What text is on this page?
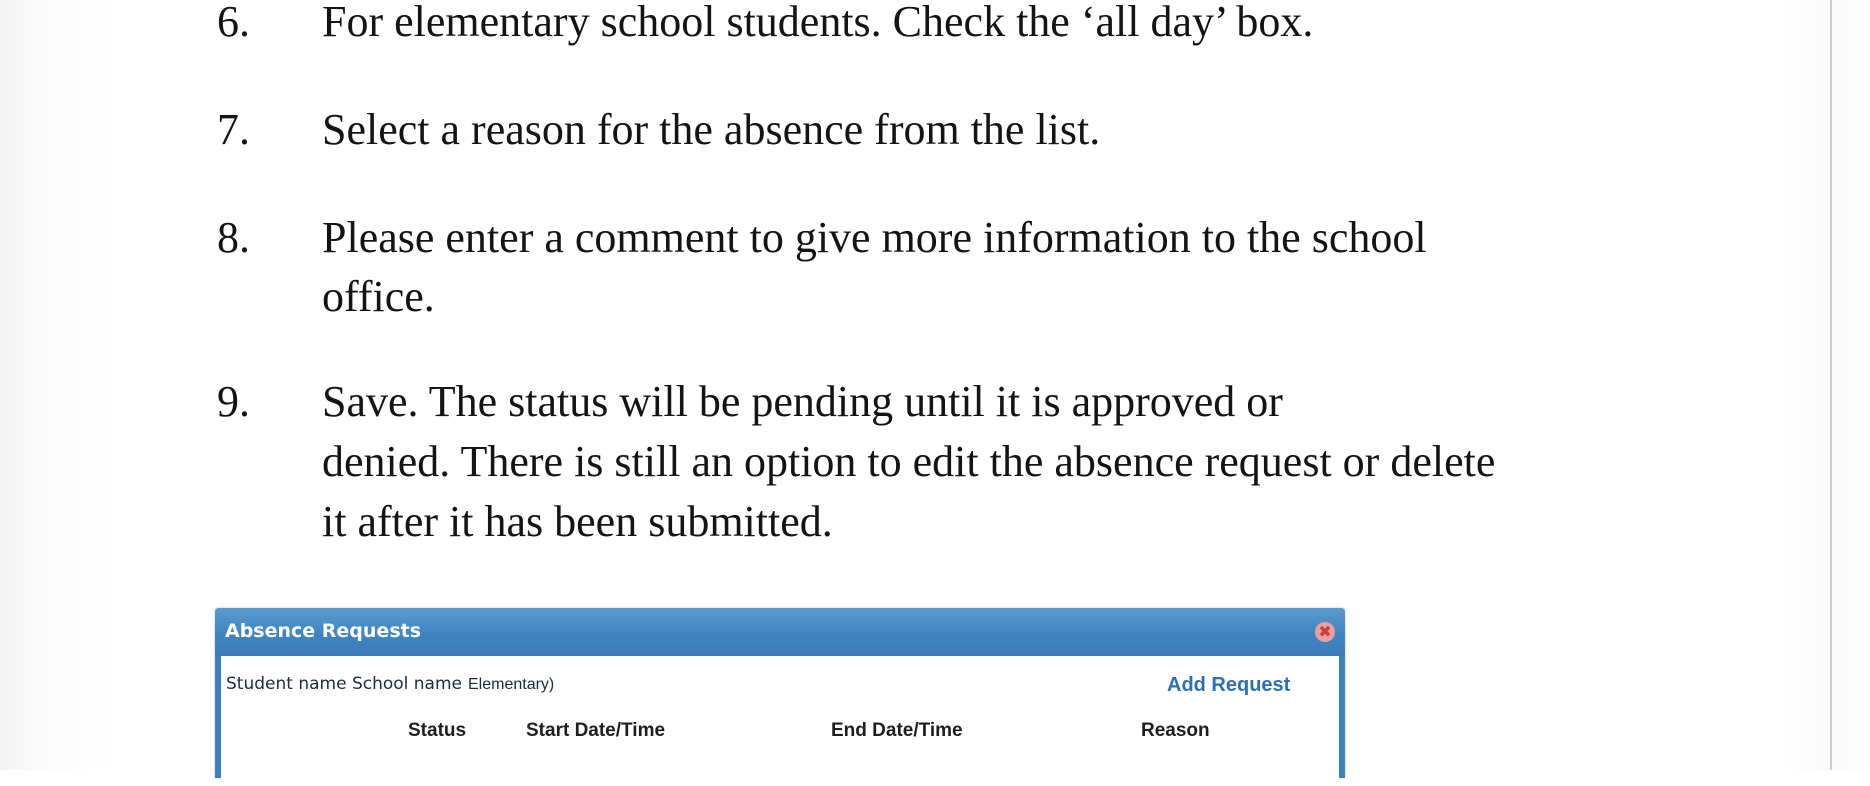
6. For elementary school students. Check the ‘all day’ box.
7. Select a reason for the absence from the list.
8. Please enter a comment to give more information to the school
office.
9. Save. The status will be pending until it is approved or
denied. There is still an option to edit the absence request or delete
it after it has been submitted.
Absence Requests	✖
Student name School name Elementary)	Add Request
Status	Start Date/Time	End Date/Time	Reason
